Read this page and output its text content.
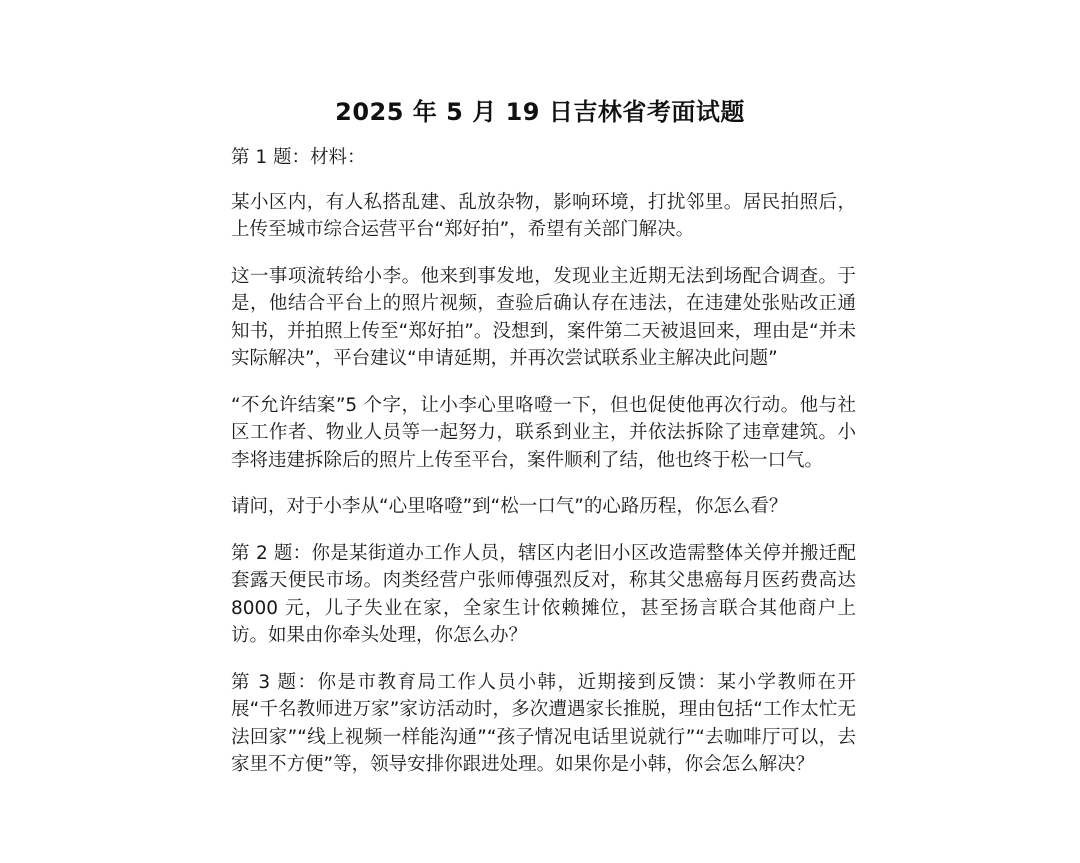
2025 年 5 月 19 日吉林省考面试题

第 1 题：材料：

某小区内，有人私搭乱建、乱放杂物，影响环境，打扰邻里。居民拍照后，上传至城市综合运营平台“郑好拍”，希望有关部门解决。

这一事项流转给小李。他来到事发地，发现业主近期无法到场配合调查。于是，他结合平台上的照片视频，查验后确认存在违法，在违建处张贴改正通知书，并拍照上传至“郑好拍”。没想到，案件第二天被退回来，理由是“并未实际解决”，平台建议“申请延期，并再次尝试联系业主解决此问题”

“不允许结案”5 个字，让小李心里咯噔一下，但也促使他再次行动。他与社区工作者、物业人员等一起努力，联系到业主，并依法拆除了违章建筑。小李将违建拆除后的照片上传至平台，案件顺利了结，他也终于松一口气。

请问，对于小李从“心里咯噔”到“松一口气”的心路历程，你怎么看？

第 2 题：你是某街道办工作人员，辖区内老旧小区改造需整体关停并搬迁配套露天便民市场。肉类经营户张师傅强烈反对，称其父患癌每月医药费高达 8000 元，儿子失业在家，全家生计依赖摊位，甚至扬言联合其他商户上访。如果由你牵头处理，你怎么办？

第 3 题：你是市教育局工作人员小韩，近期接到反馈：某小学教师在开展“千名教师进万家”家访活动时，多次遭遇家长推脱，理由包括“工作太忙无法回家”“线上视频一样能沟通”“孩子情况电话里说就行”“去咖啡厅可以，去家里不方便”等，领导安排你跟进处理。如果你是小韩，你会怎么解决？
